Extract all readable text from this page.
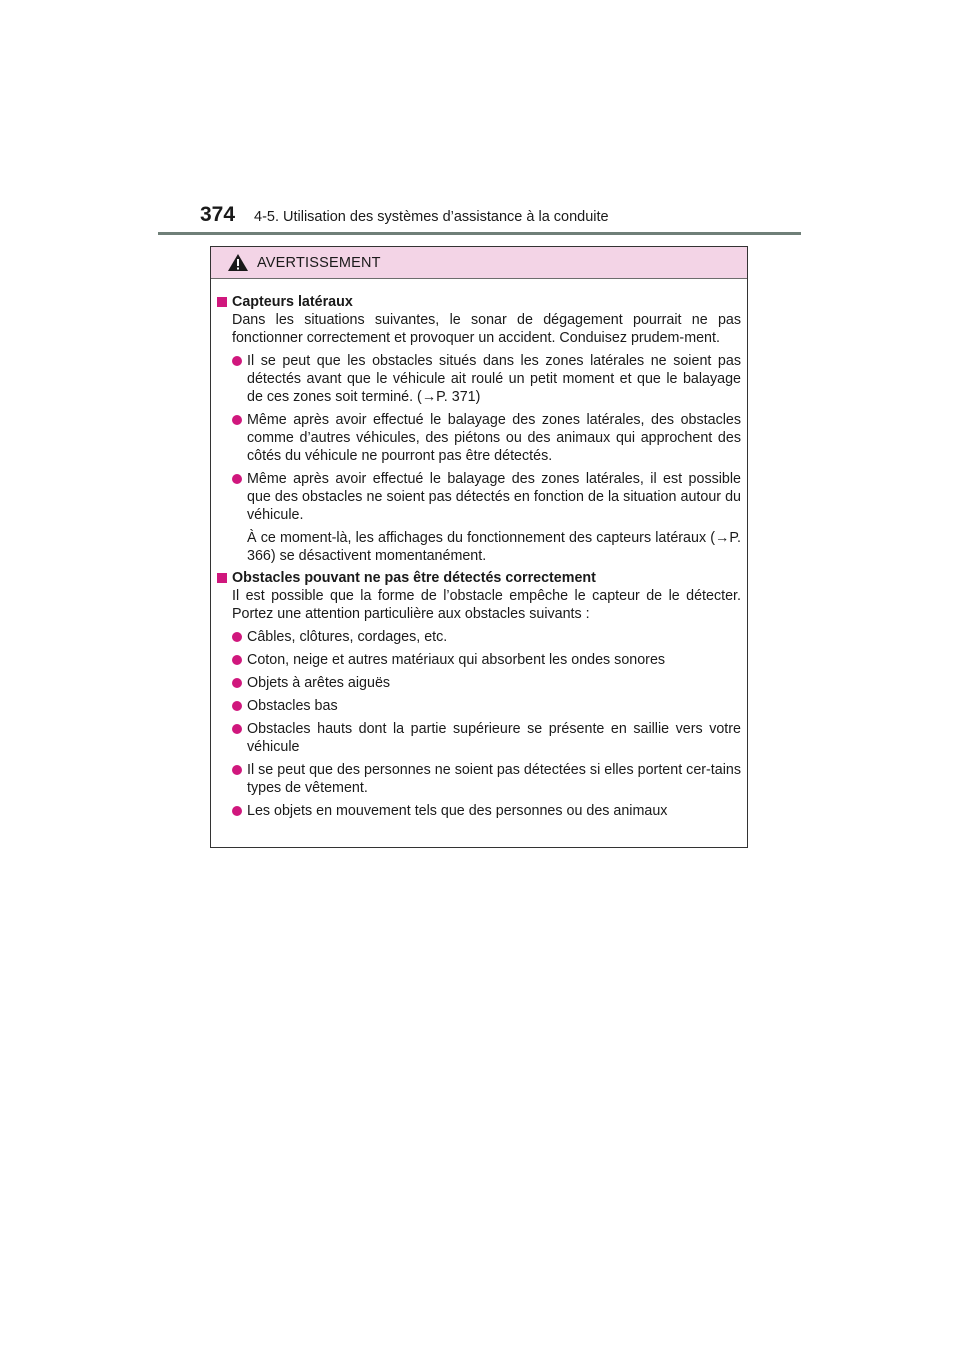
374 4-5. Utilisation des systèmes d’assistance à la conduite
AVERTISSEMENT
Capteurs latéraux
Dans les situations suivantes, le sonar de dégagement pourrait ne pas fonctionner correctement et provoquer un accident. Conduisez prudem-ment.
Il se peut que les obstacles situés dans les zones latérales ne soient pas détectés avant que le véhicule ait roulé un petit moment et que le balayage de ces zones soit terminé. (→P. 371)
Même après avoir effectué le balayage des zones latérales, des obstacles comme d’autres véhicules, des piétons ou des animaux qui approchent des côtés du véhicule ne pourront pas être détectés.
Même après avoir effectué le balayage des zones latérales, il est possible que des obstacles ne soient pas détectés en fonction de la situation autour du véhicule.
À ce moment-là, les affichages du fonctionnement des capteurs latéraux (→P. 366) se désactivent momentanément.
Obstacles pouvant ne pas être détectés correctement
Il est possible que la forme de l’obstacle empêche le capteur de le détecter. Portez une attention particulière aux obstacles suivants :
Câbles, clôtures, cordages, etc.
Coton, neige et autres matériaux qui absorbent les ondes sonores
Objets à arêtes aiguës
Obstacles bas
Obstacles hauts dont la partie supérieure se présente en saillie vers votre véhicule
Il se peut que des personnes ne soient pas détectées si elles portent cer-tains types de vêtement.
Les objets en mouvement tels que des personnes ou des animaux
